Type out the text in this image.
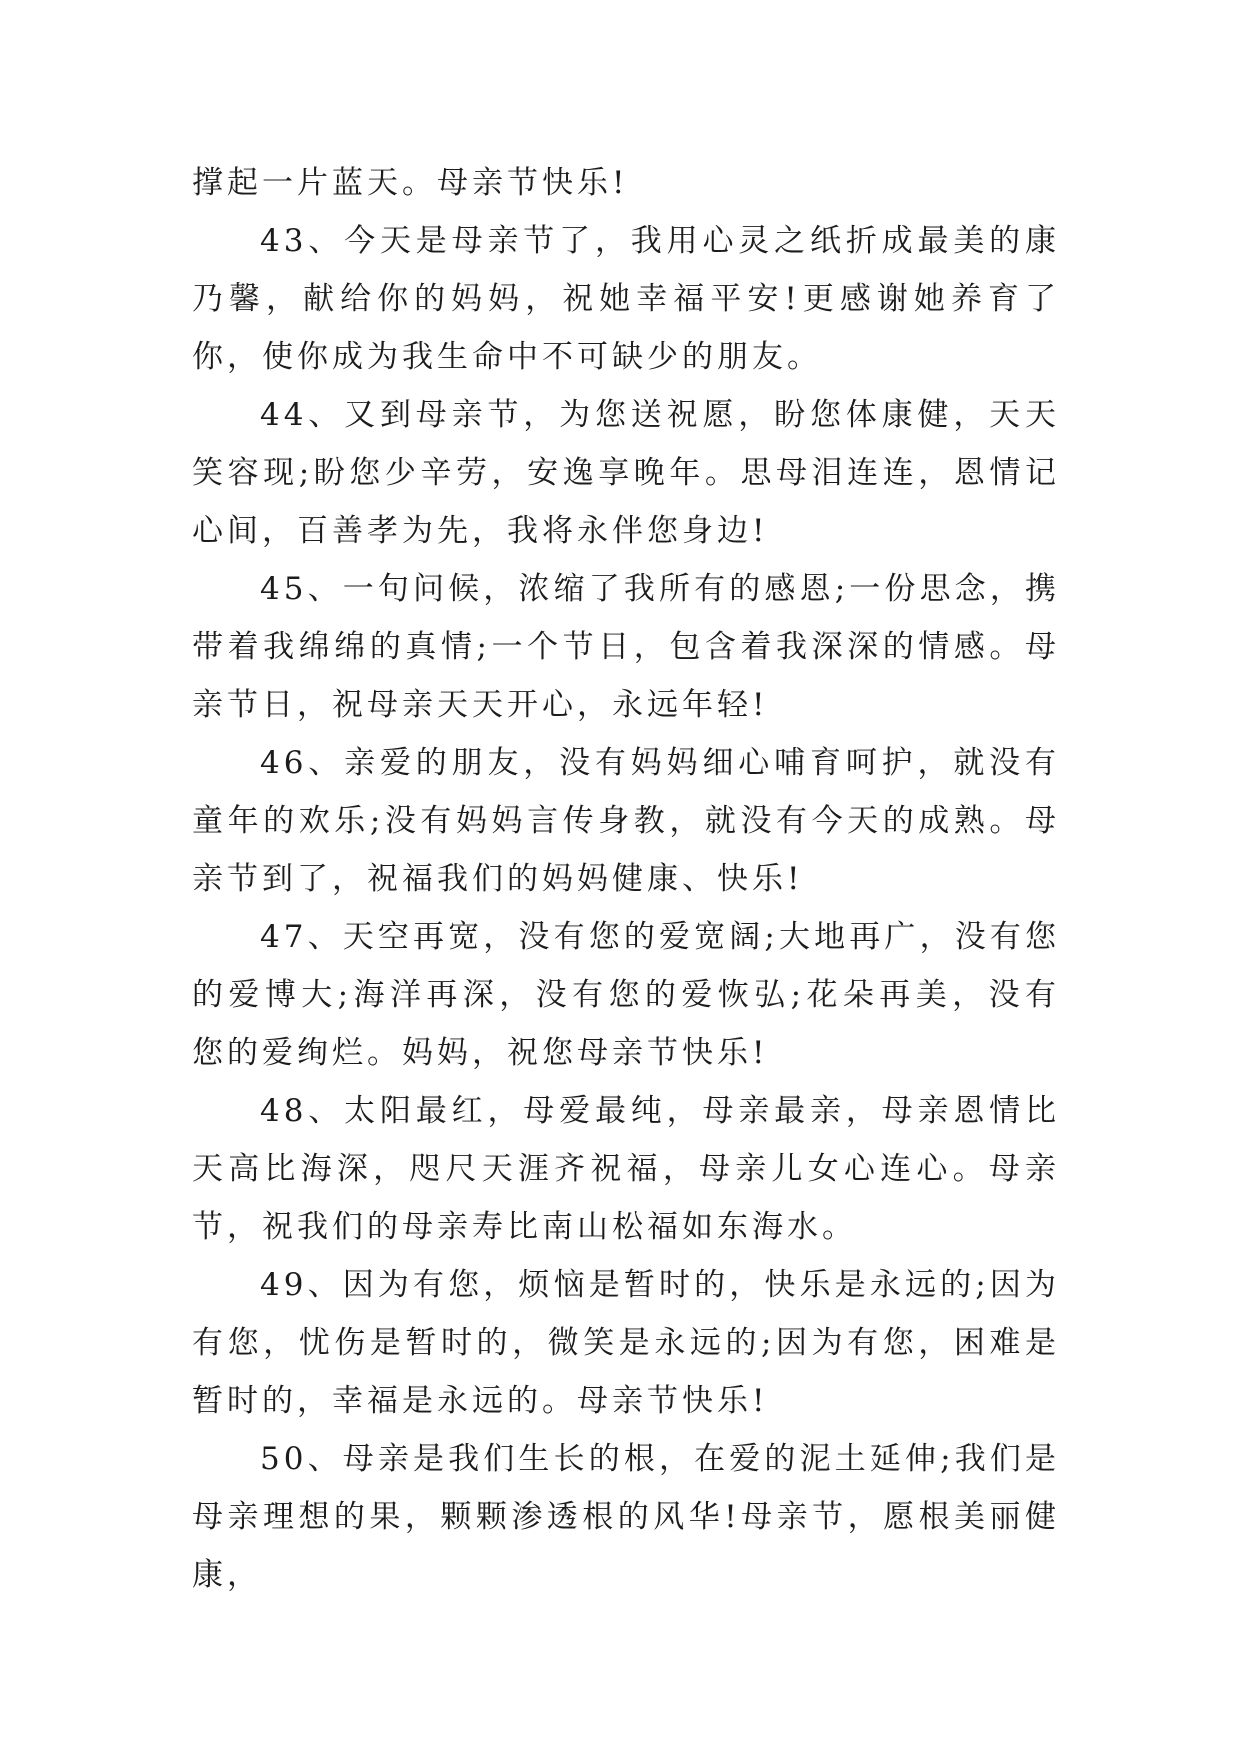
撑起一片蓝天。母亲节快乐!

43、今天是母亲节了，我用心灵之纸折成最美的康乃馨，献给你的妈妈，祝她幸福平安!更感谢她养育了你，使你成为我生命中不可缺少的朋友。

44、又到母亲节，为您送祝愿，盼您体康健，天天笑容现;盼您少辛劳，安逸享晚年。思母泪连连，恩情记心间，百善孝为先，我将永伴您身边!

45、一句问候，浓缩了我所有的感恩;一份思念，携带着我绵绵的真情;一个节日，包含着我深深的情感。母亲节日，祝母亲天天开心，永远年轻!

46、亲爱的朋友，没有妈妈细心哺育呵护，就没有童年的欢乐;没有妈妈言传身教，就没有今天的成熟。母亲节到了，祝福我们的妈妈健康、快乐!

47、天空再宽，没有您的爱宽阔;大地再广，没有您的爱博大;海洋再深，没有您的爱恢弘;花朵再美，没有您的爱绚烂。妈妈，祝您母亲节快乐!

48、太阳最红，母爱最纯，母亲最亲，母亲恩情比天高比海深，咫尺天涯齐祝福，母亲儿女心连心。母亲节，祝我们的母亲寿比南山松福如东海水。

49、因为有您，烦恼是暂时的，快乐是永远的;因为有您，忧伤是暂时的，微笑是永远的;因为有您，困难是暂时的，幸福是永远的。母亲节快乐!

50、母亲是我们生长的根，在爱的泥土延伸;我们是母亲理想的果，颗颗渗透根的风华!母亲节，愿根美丽健康，
